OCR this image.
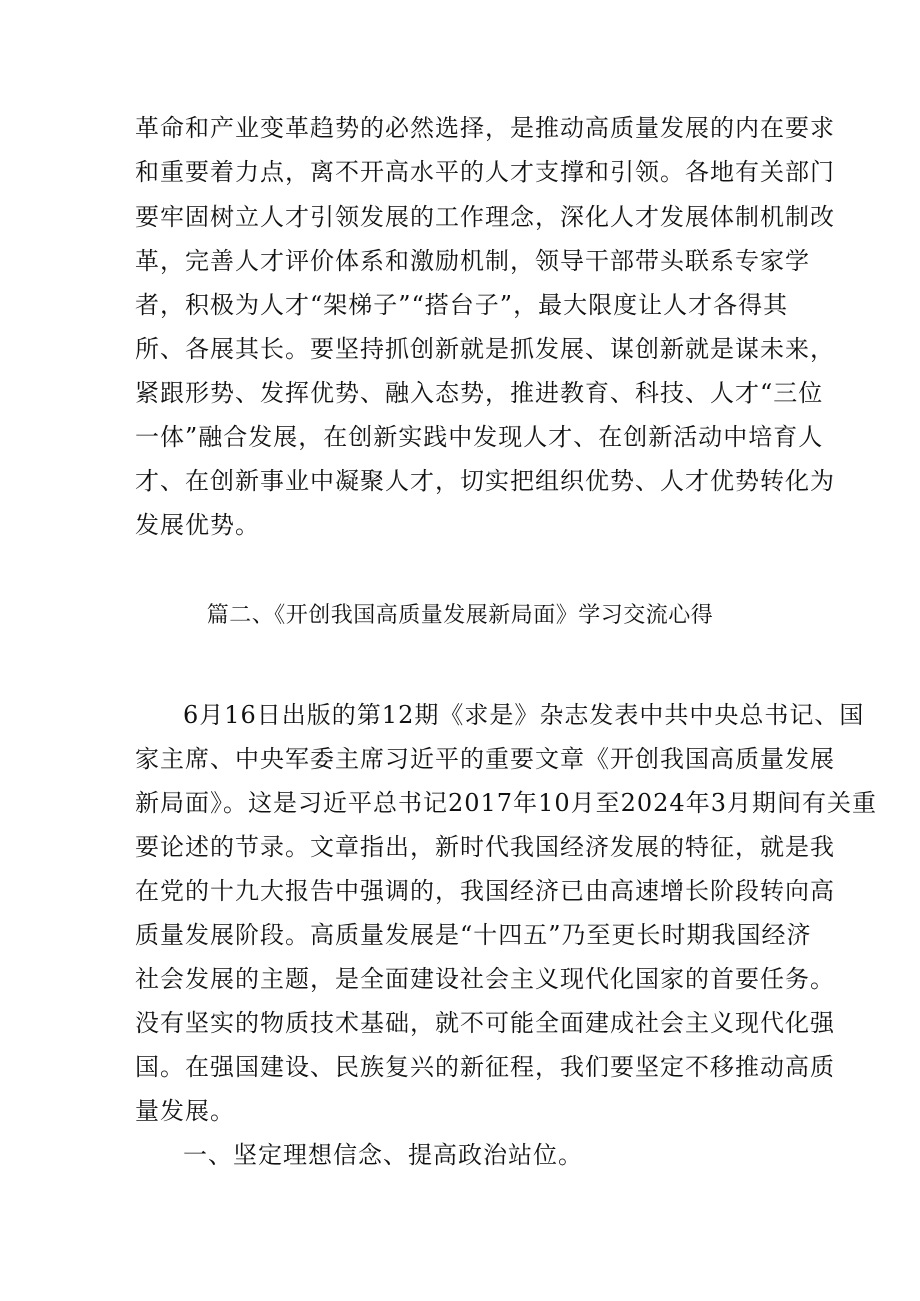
革命和产业变革趋势的必然选择，是推动高质量发展的内在要求
和重要着力点，离不开高水平的人才支撑和引领。各地有关部门
要牢固树立人才引领发展的工作理念，深化人才发展体制机制改
革，完善人才评价体系和激励机制，领导干部带头联系专家学
者，积极为人才“架梯子”“搭台子”，最大限度让人才各得其
所、各展其长。要坚持抓创新就是抓发展、谋创新就是谋未来，
紧跟形势、发挥优势、融入态势，推进教育、科技、人才“三位
一体”融合发展，在创新实践中发现人才、在创新活动中培育人
才、在创新事业中凝聚人才，切实把组织优势、人才优势转化为
发展优势。
篇二、《开创我国高质量发展新局面》学习交流心得
6月16日出版的第12期《求是》杂志发表中共中央总书记、国
家主席、中央军委主席习近平的重要文章《开创我国高质量发展
新局面》。这是习近平总书记2017年10月至2024年3月期间有关重
要论述的节录。文章指出，新时代我国经济发展的特征，就是我
在党的十九大报告中强调的，我国经济已由高速增长阶段转向高
质量发展阶段。高质量发展是“十四五”乃至更长时期我国经济
社会发展的主题，是全面建设社会主义现代化国家的首要任务。
没有坚实的物质技术基础，就不可能全面建成社会主义现代化强
国。在强国建设、民族复兴的新征程，我们要坚定不移推动高质
量发展。
一、坚定理想信念、提高政治站位。
